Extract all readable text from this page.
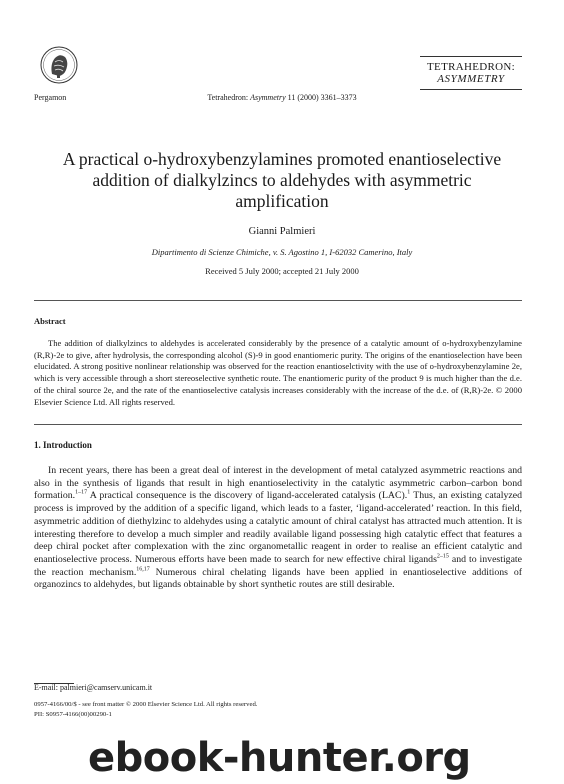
Pergamon	Tetrahedron: Asymmetry 11 (2000) 3361–3373
TETRAHEDRON:
ASYMMETRY
A practical o-hydroxybenzylamines promoted enantioselective addition of dialkylzincs to aldehydes with asymmetric amplification
Gianni Palmieri
Dipartimento di Scienze Chimiche, v. S. Agostino 1, I-62032 Camerino, Italy
Received 5 July 2000; accepted 21 July 2000
Abstract
The addition of dialkylzincs to aldehydes is accelerated considerably by the presence of a catalytic amount of o-hydroxybenzylamine (R,R)-2e to give, after hydrolysis, the corresponding alcohol (S)-9 in good enantiomeric purity. The origins of the enantioselection have been elucidated. A strong positive nonlinear relationship was observed for the reaction enantioselctivity with the use of o-hydroxybenzylamine 2e, which is very accessible through a short stereoselective synthetic route. The enantiomeric purity of the product 9 is much higher than the d.e. of the chiral source 2e, and the rate of the enantioselective catalysis increases considerably with the increase of the d.e. of (R,R)-2e. © 2000 Elsevier Science Ltd. All rights reserved.
1. Introduction
In recent years, there has been a great deal of interest in the development of metal catalyzed asymmetric reactions and also in the synthesis of ligands that result in high enantioselectivity in the catalytic asymmetric carbon–carbon bond formation.$^{1-17}$ A practical consequence is the discovery of ligand-accelerated catalysis (LAC).$^1$ Thus, an existing catalyzed process is improved by the addition of a specific ligand, which leads to a faster, ‘ligand-accelerated’ reaction. In this field, asymmetric addition of diethylzinc to aldehydes using a catalytic amount of chiral catalyst has attracted much attention. It is interesting therefore to develop a much simpler and readily available ligand possessing high catalytic effect that features a deep chiral pocket after complexation with the zinc organometallic reagent in order to realise an efficient catalytic and enantioselective process. Numerous efforts have been made to search for new effective chiral ligands$^{2-15}$ and to investigate the reaction mechanism.$^{16,17}$ Numerous chiral chelating ligands have been applied in enantioselective additions of organozincs to aldehydes, but ligands obtainable by short synthetic routes are still desirable.
E-mail: palmieri@camserv.unicam.it
0957-4166/00/$ - see front matter © 2000 Elsevier Science Ltd. All rights reserved.
PII: S0957-4166(00)00290-1
ebook-hunter.org
